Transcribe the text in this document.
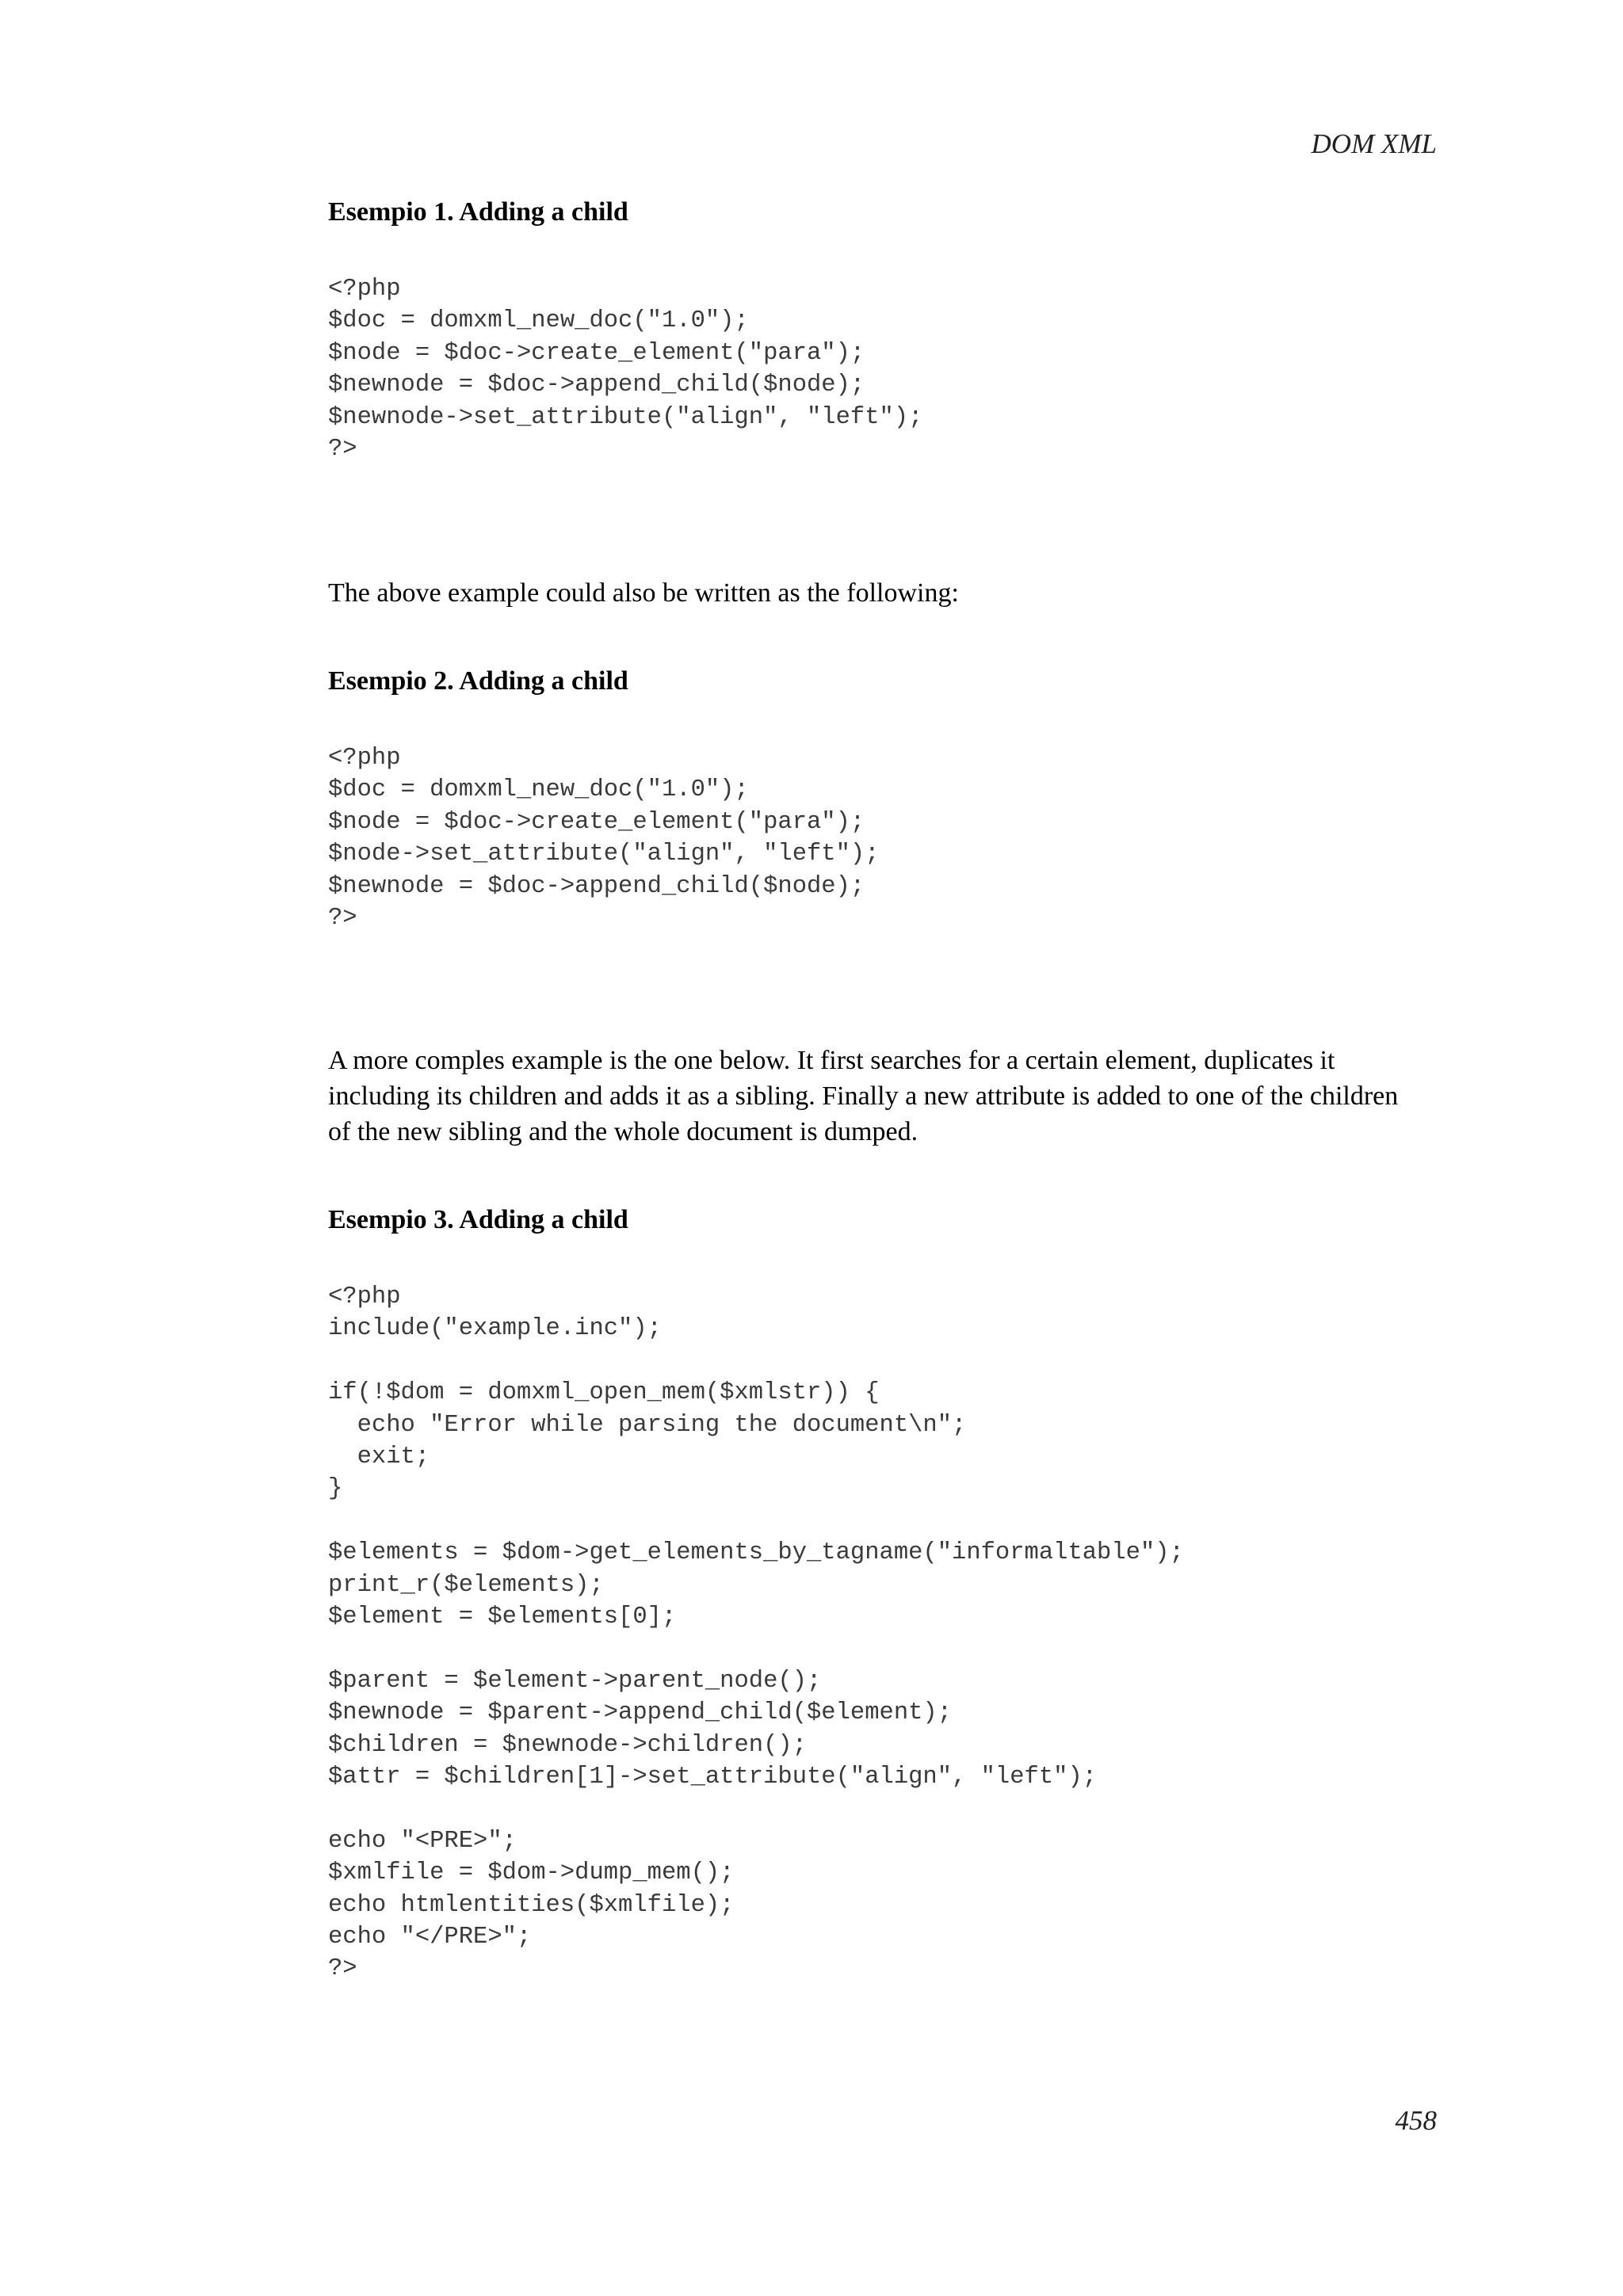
DOM XML
Esempio 1. Adding a child
<?php
$doc = domxml_new_doc("1.0");
$node = $doc->create_element("para");
$newnode = $doc->append_child($node);
$newnode->set_attribute("align", "left");
?>

The above example could also be written as the following:

Esempio 2. Adding a child
<?php
$doc = domxml_new_doc("1.0");
$node = $doc->create_element("para");
$node->set_attribute("align", "left");
$newnode = $doc->append_child($node);
?>

A more comples example is the one below. It first searches for a certain element, duplicates it
including its children and adds it as a sibling. Finally a new attribute is added to one of the children
of the new sibling and the whole document is dumped.

Esempio 3. Adding a child
<?php
include("example.inc");
if(!$dom = domxml_open_mem($xmlstr)) {
echo "Error while parsing the document\n";
exit;
}
$elements = $dom->get_elements_by_tagname("informaltable");
print_r($elements);
$element = $elements[0];
$parent = $element->parent_node();
$newnode = $parent->append_child($element);
$children = $newnode->children();
$attr = $children[1]->set_attribute("align", "left");
echo "<PRE>";
$xmlfile = $dom->dump_mem();
echo htmlentities($xmlfile);
echo "</PRE>";
?>
458
